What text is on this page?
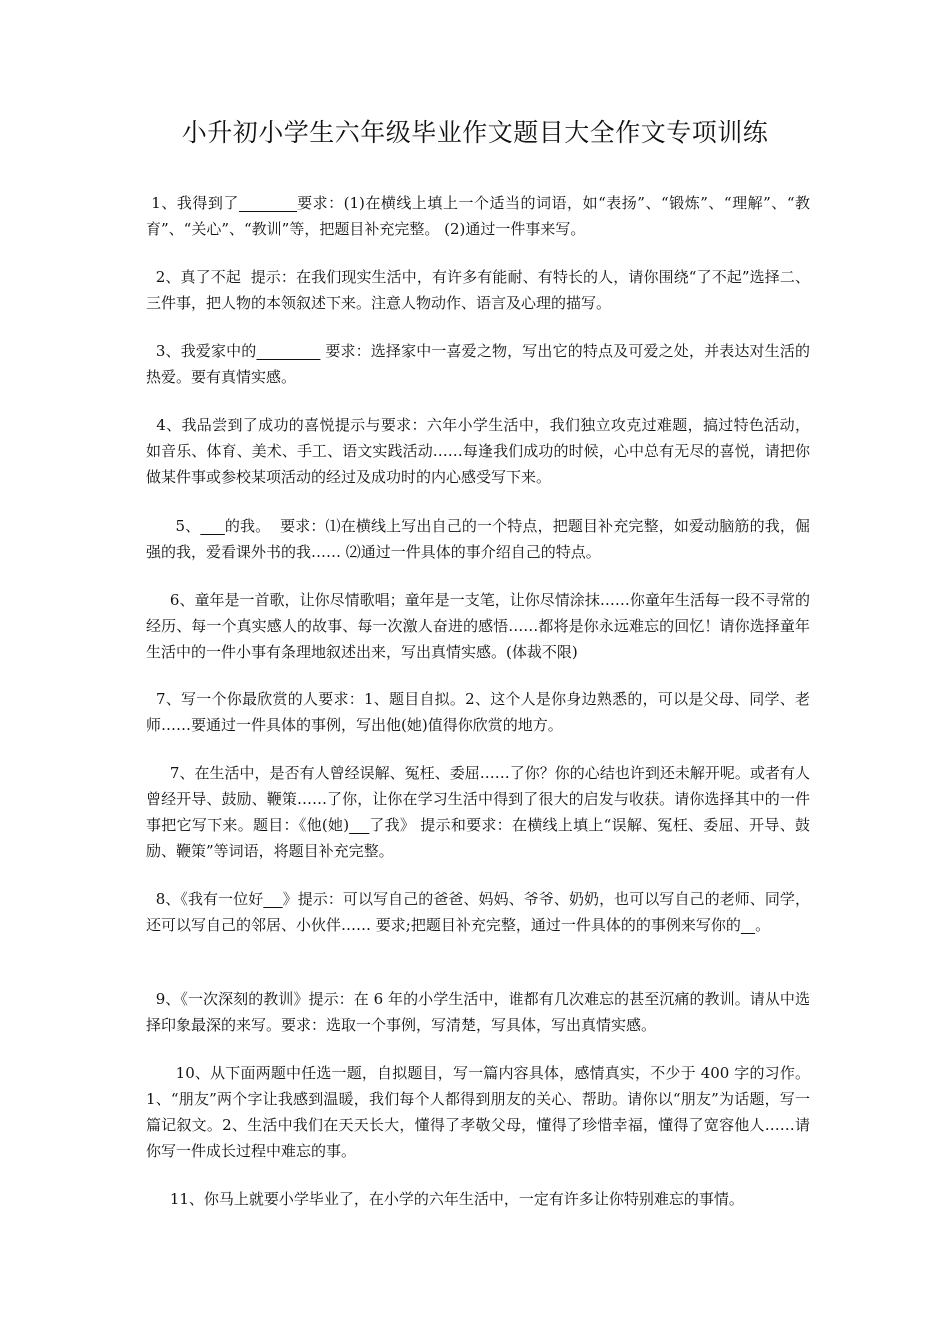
小升初小学生六年级毕业作文题目大全作文专项训练

1、我得到了	要求：(1)在横线上填上一个适当的词语，如“表扬”、“锻炼”、“理解”、“教育”、“关心”、“教训”等，把题目补充完整。 (2)通过一件事来写。

2、真了不起  提示：在我们现实生活中，有许多有能耐、有特长的人，请你围绕“了不起”选择二、三件事，把人物的本领叙述下来。注意人物动作、语言及心理的描写。

3、我爱家中的	要求：选择家中一喜爱之物，写出它的特点及可爱之处，并表达对生活的热爱。要有真情实感。

4、我品尝到了成功的喜悦提示与要求：六年小学生活中，我们独立攻克过难题，搞过特色活动，如音乐、体育、美术、手工、语文实践活动……每逢我们成功的时候，心中总有无尽的喜悦，请把你做某件事或参校某项活动的经过及成功时的内心感受写下来。

5、 的我。  要求：⑴在横线上写出自己的一个特点，把题目补充完整，如爱动脑筋的我，倔强的我，爱看课外书的我…… ⑵通过一件具体的事介绍自己的特点。

6、童年是一首歌，让你尽情歌唱；童年是一支笔，让你尽情涂抹……你童年生活每一段不寻常的经历、每一个真实感人的故事、每一次激人奋进的感悟……都将是你永远难忘的回忆！请你选择童年生活中的一件小事有条理地叙述出来，写出真情实感。(体裁不限)

7、写一个你最欣赏的人要求：1、题目自拟。2、这个人是你身边熟悉的，可以是父母、同学、老师……要通过一件具体的事例，写出他(她)值得你欣赏的地方。

7、在生活中，是否有人曾经误解、冤枉、委屈……了你？你的心结也许到还未解开呢。或者有人曾经开导、鼓励、鞭策……了你，让你在学习生活中得到了很大的启发与收获。请你选择其中的一件事把它写下来。题目：《他(她) 了我》 提示和要求：在横线上填上“误解、冤枉、委屈、开导、鼓励、鞭策”等词语，将题目补充完整。

8、《我有一位好 》提示：可以写自己的爸爸、妈妈、爷爷、奶奶，也可以写自己的老师、同学，还可以写自己的邻居、小伙伴…… 要求;把题目补充完整，通过一件具体的的事例来写你的 。

9、《一次深刻的教训》提示：在 6 年的小学生活中，谁都有几次难忘的甚至沉痛的教训。请从中选择印象最深的来写。要求：选取一个事例，写清楚，写具体，写出真情实感。

10、从下面两题中任选一题，自拟题目，写一篇内容具体，感情真实，不少于 400 字的习作。1、“朋友”两个字让我感到温暖，我们每个人都得到朋友的关心、帮助。请你以“朋友”为话题，写一篇记叙文。2、生活中我们在天天长大，懂得了孝敬父母，懂得了珍惜幸福，懂得了宽容他人……请你写一件成长过程中难忘的事。

11、你马上就要小学毕业了，在小学的六年生活中，一定有许多让你特别难忘的事情。
